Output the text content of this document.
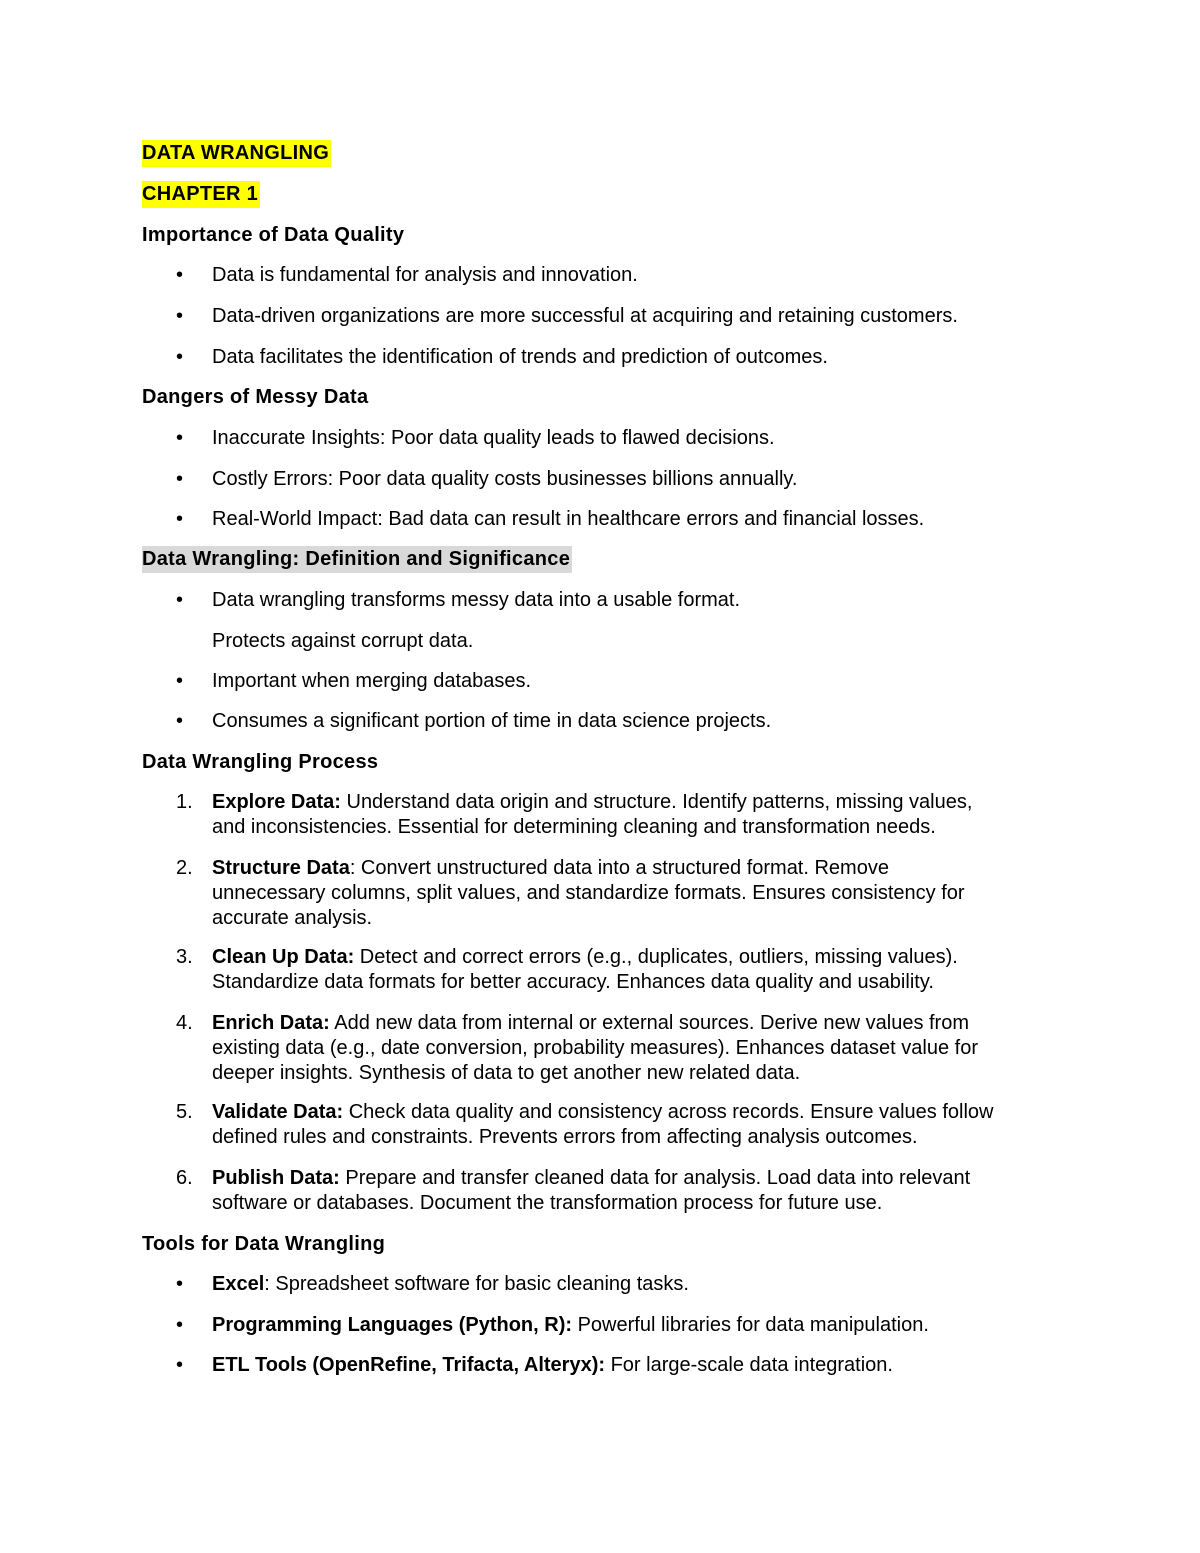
DATA WRANGLING
CHAPTER 1
Importance of Data Quality
• Data is fundamental for analysis and innovation.
• Data-driven organizations are more successful at acquiring and retaining customers.
• Data facilitates the identification of trends and prediction of outcomes.
Dangers of Messy Data
• Inaccurate Insights: Poor data quality leads to flawed decisions.
• Costly Errors: Poor data quality costs businesses billions annually.
• Real-World Impact: Bad data can result in healthcare errors and financial losses.
Data Wrangling: Definition and Significance
• Data wrangling transforms messy data into a usable format.
Protects against corrupt data.
• Important when merging databases.
• Consumes a significant portion of time in data science projects.
Data Wrangling Process
1. Explore Data: Understand data origin and structure. Identify patterns, missing values,
and inconsistencies. Essential for determining cleaning and transformation needs.
2. Structure Data: Convert unstructured data into a structured format. Remove
unnecessary columns, split values, and standardize formats. Ensures consistency for
accurate analysis.
3. Clean Up Data: Detect and correct errors (e.g., duplicates, outliers, missing values).
Standardize data formats for better accuracy. Enhances data quality and usability.
4. Enrich Data: Add new data from internal or external sources. Derive new values from
existing data (e.g., date conversion, probability measures). Enhances dataset value for
deeper insights. Synthesis of data to get another new related data.
5. Validate Data: Check data quality and consistency across records. Ensure values follow
defined rules and constraints. Prevents errors from affecting analysis outcomes.
6. Publish Data: Prepare and transfer cleaned data for analysis. Load data into relevant
software or databases. Document the transformation process for future use.
Tools for Data Wrangling
• Excel: Spreadsheet software for basic cleaning tasks.
• Programming Languages (Python, R): Powerful libraries for data manipulation.
• ETL Tools (OpenRefine, Trifacta, Alteryx): For large-scale data integration.
